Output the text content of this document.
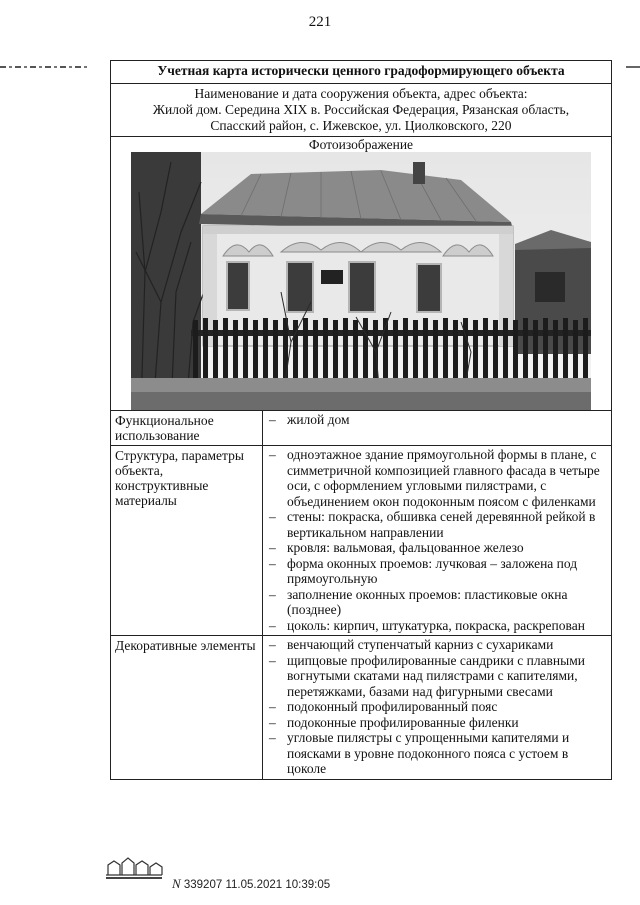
221
Учетная карта исторически ценного градоформирующего объекта
Наименование и дата сооружения объекта, адрес объекта:
Жилой дом. Середина XIX в. Российская Федерация, Рязанская область,
Спасский район, с. Ижевское, ул. Циолковского, 220
Фотоизображение
Функциональное использование
– жилой дом
Структура, параметры объекта, конструктивные материалы
– одноэтажное здание прямоугольной формы в плане, с симметричной композицией главного фасада в четыре оси, с оформлением угловыми пилястрами, с объединением окон подоконным поясом с филенками
– стены: покраска, обшивка сеней деревянной рейкой в вертикальном направлении
– кровля: вальмовая, фальцованное железо
– форма оконных проемов: лучковая – заложена под прямоугольную
– заполнение оконных проемов: пластиковые окна (позднее)
– цоколь: кирпич, штукатурка, покраска, раскрепован
Декоративные элементы
–	венчающий ступенчатый карниз с сухариками
– щипцовые профилированные сандрики с плавными вогнутыми скатами над пилястрами с капителями, перетяжками, базами над фигурными свесами
– подоконный профилированный пояс
– подоконные профилированные филенки
– угловые пилястры с упрощенными капителями и поясками в уровне подоконного пояса с устоем в цоколе
N 339207 11.05.2021 10:39:05
